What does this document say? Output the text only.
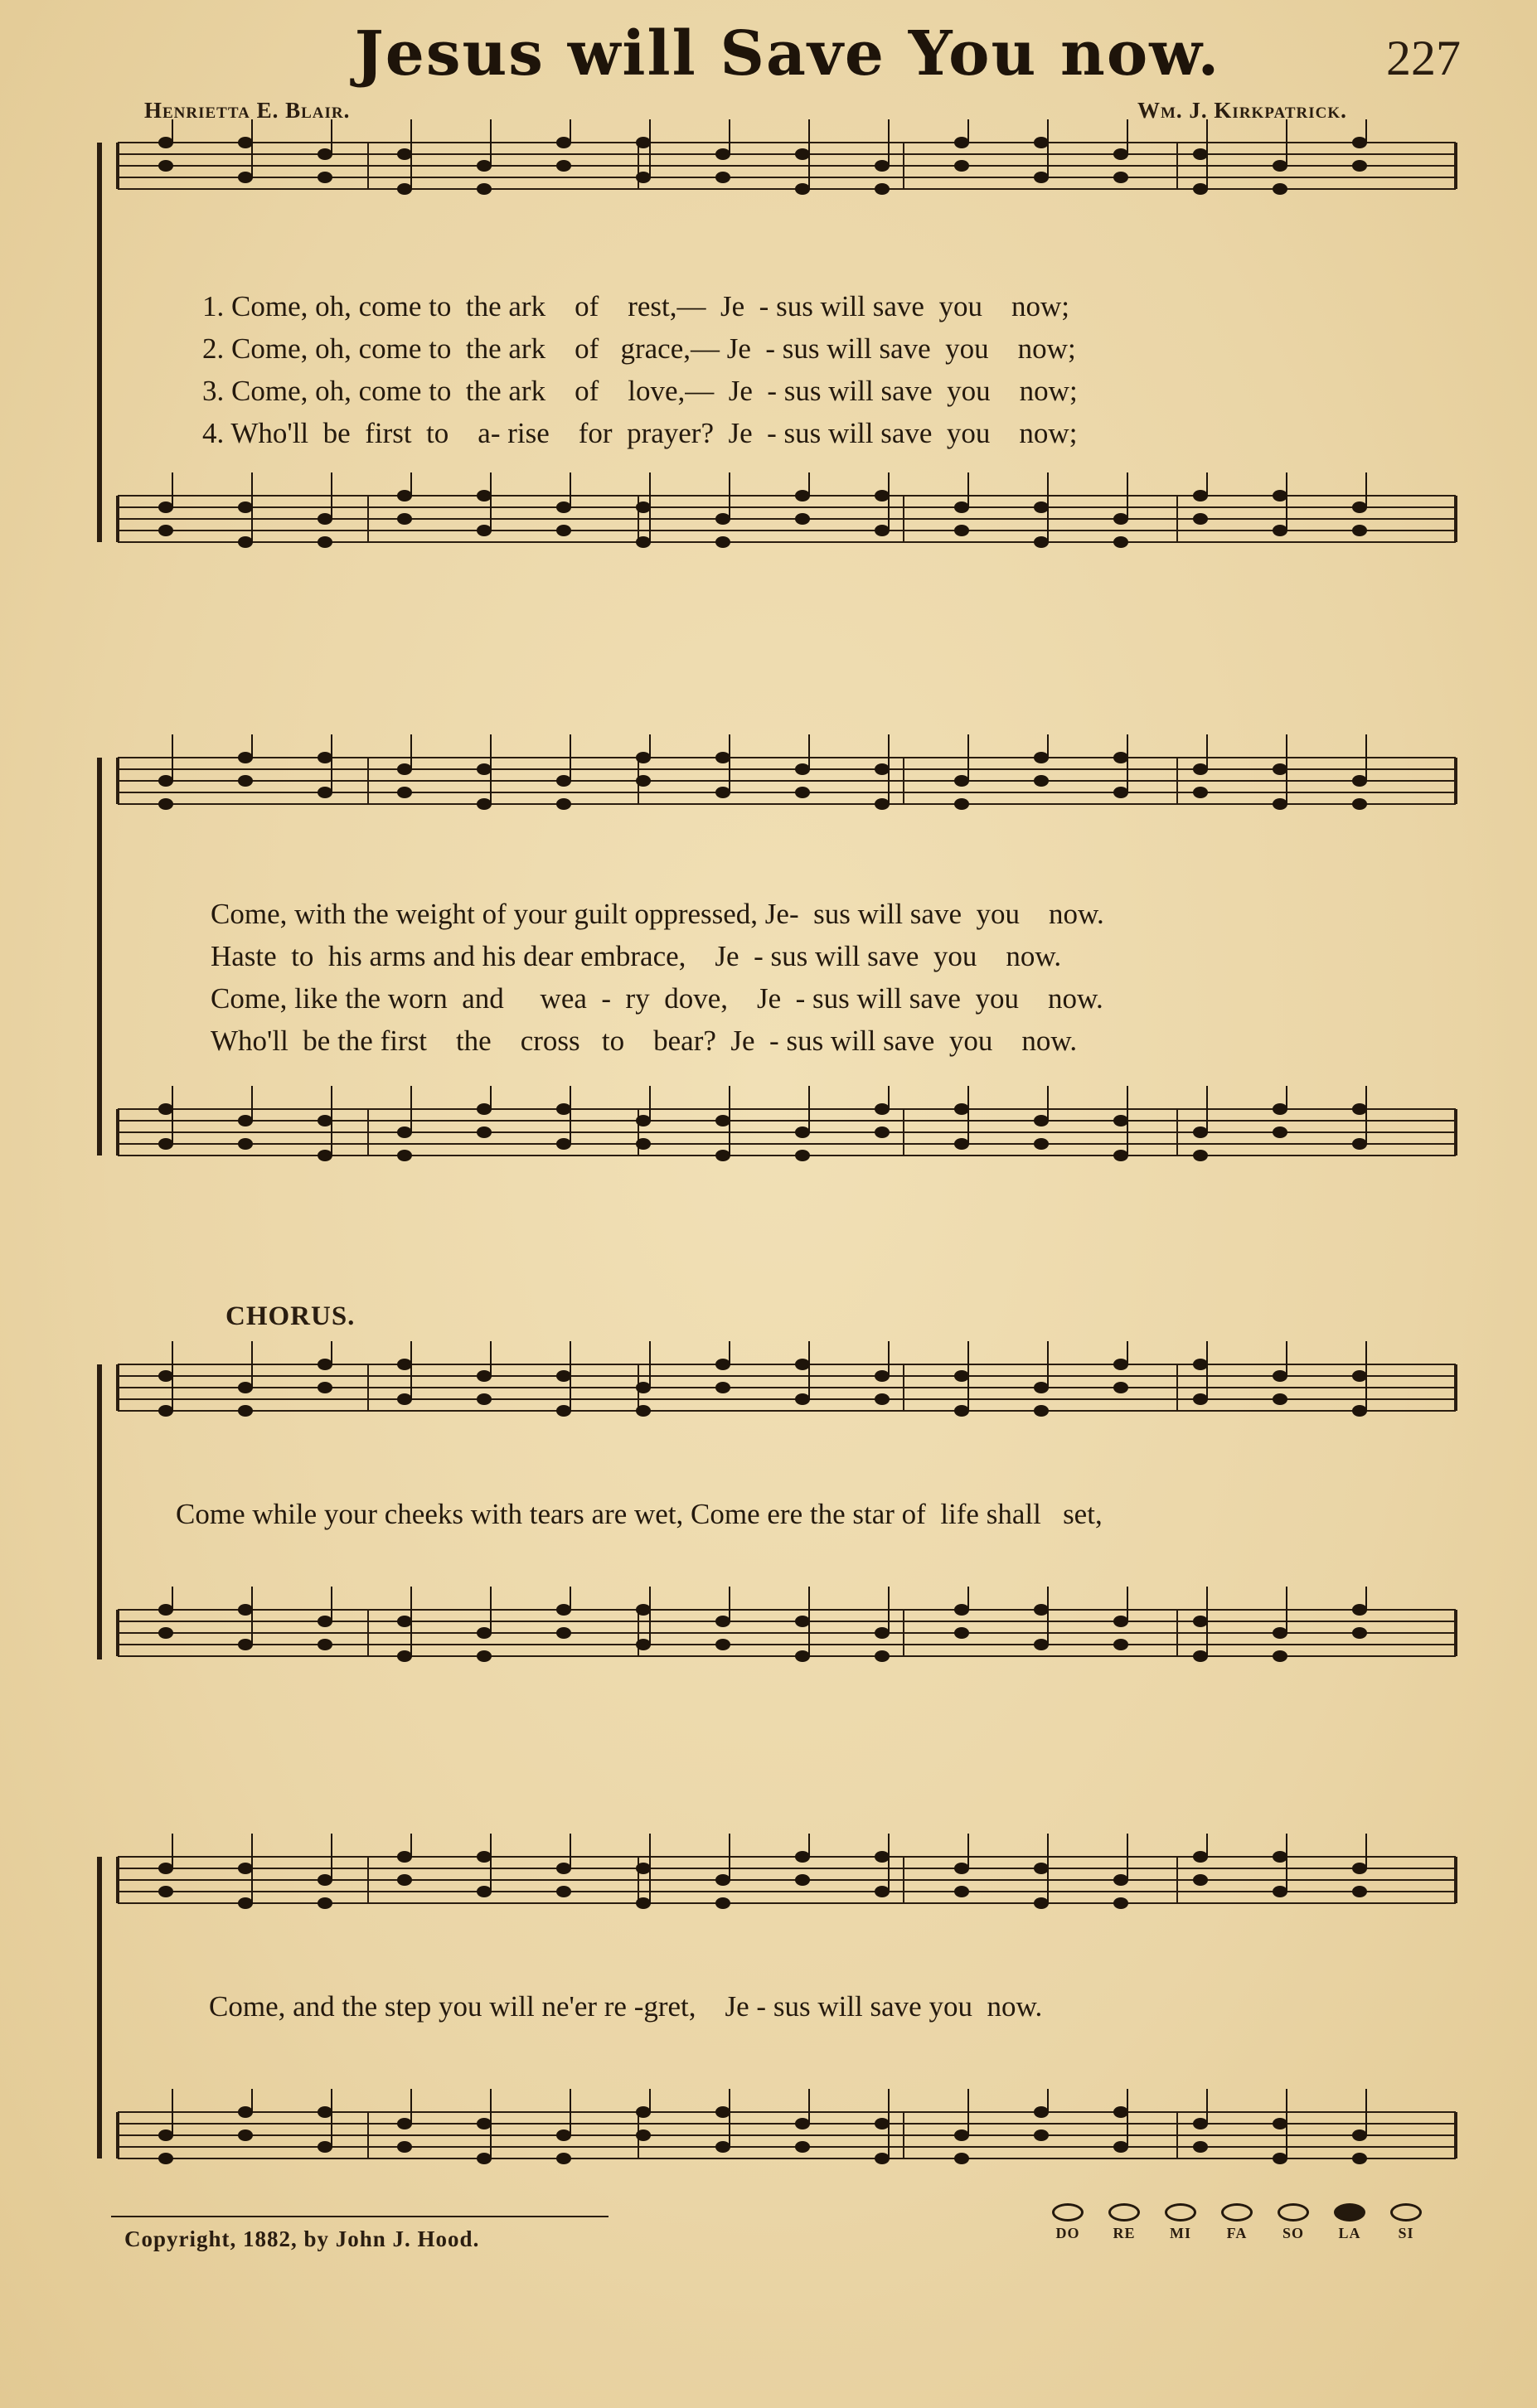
Jesus will Save You now.	227
Henrietta E. Blair.	Wm. J. Kirkpatrick.
1. Come, oh, come to  the ark    of    rest,—  Je  - sus will save  you    now;
2. Come, oh, come to  the ark    of   grace,— Je  - sus will save  you    now;
3. Come, oh, come to  the ark    of    love,—  Je  - sus will save  you    now;
4. Who'll  be  first  to    a- rise    for  prayer?  Je  - sus will save  you    now;
Come, with the weight of your guilt oppressed, Je-  sus will save  you    now.
Haste  to  his arms and his dear embrace,    Je  - sus will save  you    now.
Come, like the worn  and     wea  -  ry  dove,    Je  - sus will save  you    now.
Who'll  be the first    the    cross   to    bear?  Je  - sus will save  you    now.
CHORUS.
Come while your cheeks with tears are wet, Come ere the star of  life shall   set,
Come, and the step you will ne'er re -gret,    Je - sus will save you  now.
Copyright, 1882, by John J. Hood.	DO	RE	MI	FA	SO	LA	SI
